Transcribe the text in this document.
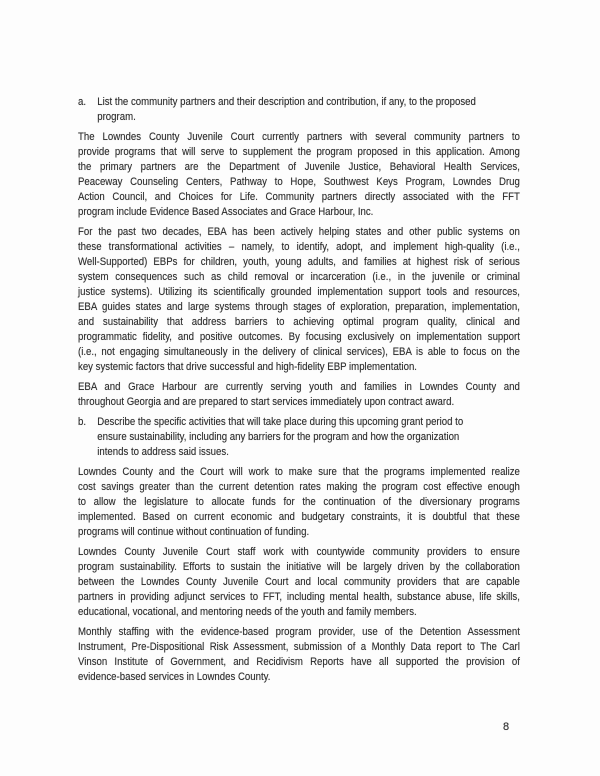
a.	List the community partners and their description and contribution, if any, to the proposed
program.
The Lowndes County Juvenile Court currently partners with several community partners to
provide programs that will serve to supplement the program proposed in this application. Among
the primary partners are the Department of Juvenile Justice, Behavioral Health Services,
Peaceway Counseling Centers, Pathway to Hope, Southwest Keys Program, Lowndes Drug
Action Council, and Choices for Life. Community partners directly associated with the FFT
program include Evidence Based Associates and Grace Harbour, Inc.
For the past two decades, EBA has been actively helping states and other public systems on
these transformational activities – namely, to identify, adopt, and implement high-quality (i.e.,
Well-Supported) EBPs for children, youth, young adults, and families at highest risk of serious
system consequences such as child removal or incarceration (i.e., in the juvenile or criminal
justice systems). Utilizing its scientifically grounded implementation support tools and resources,
EBA guides states and large systems through stages of exploration, preparation, implementation,
and sustainability that address barriers to achieving optimal program quality, clinical and
programmatic fidelity, and positive outcomes. By focusing exclusively on implementation support
(i.e., not engaging simultaneously in the delivery of clinical services), EBA is able to focus on the
key systemic factors that drive successful and high-fidelity EBP implementation.
EBA and Grace Harbour are currently serving youth and families in Lowndes County and
throughout Georgia and are prepared to start services immediately upon contract award.
b.	Describe the specific activities that will take place during this upcoming grant period to
ensure sustainability, including any barriers for the program and how the organization
intends to address said issues.
Lowndes County and the Court will work to make sure that the programs implemented realize
cost savings greater than the current detention rates making the program cost effective enough
to allow the legislature to allocate funds for the continuation of the diversionary programs
implemented. Based on current economic and budgetary constraints, it is doubtful that these
programs will continue without continuation of funding.
Lowndes County Juvenile Court staff work with countywide community providers to ensure
program sustainability. Efforts to sustain the initiative will be largely driven by the collaboration
between the Lowndes County Juvenile Court and local community providers that are capable
partners in providing adjunct services to FFT, including mental health, substance abuse, life skills,
educational, vocational, and mentoring needs of the youth and family members.
Monthly staffing with the evidence-based program provider, use of the Detention Assessment
Instrument, Pre-Dispositional Risk Assessment, submission of a Monthly Data report to The Carl
Vinson Institute of Government, and Recidivism Reports have all supported the provision of
evidence-based services in Lowndes County.
8
